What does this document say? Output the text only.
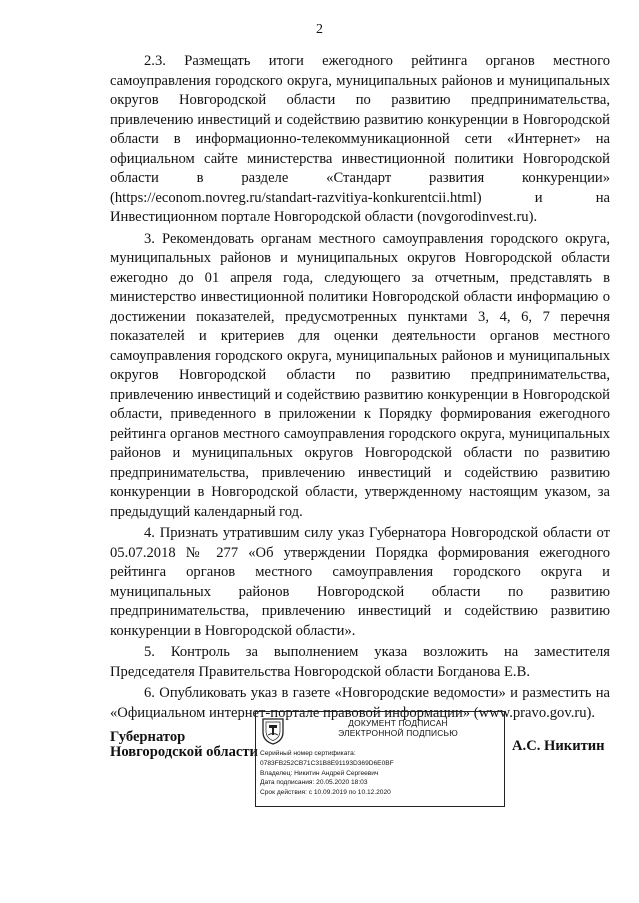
2

2.3. Размещать итоги ежегодного рейтинга органов местного самоуправления городского округа, муниципальных районов и муниципальных округов Новгородской области по развитию предпринимательства, привлечению инвестиций и содействию развитию конкуренции в Новгородской области в информационно-телекоммуникационной сети «Интернет» на официальном сайте министерства инвестиционной политики Новгородской области в разделе «Стандарт развития конкуренции» (https://econom.novreg.ru/standart-razvitiya-konkurentcii.html) и на Инвестиционном портале Новгородской области (novgorodinvest.ru).

3. Рекомендовать органам местного самоуправления городского округа, муниципальных районов и муниципальных округов Новгородской области ежегодно до 01 апреля года, следующего за отчетным, представлять в министерство инвестиционной политики Новгородской области информацию о достижении показателей, предусмотренных пунктами 3, 4, 6, 7 перечня показателей и критериев для оценки деятельности органов местного самоуправления городского округа, муниципальных районов и муниципальных округов Новгородской области по развитию предпринимательства, привлечению инвестиций и содействию развитию конкуренции в Новгородской области, приведенного в приложении к Порядку формирования ежегодного рейтинга органов местного самоуправления городского округа, муниципальных районов и муниципальных округов Новгородской области по развитию предпринимательства, привлечению инвестиций и содействию развитию конкуренции в Новгородской области, утвержденному настоящим указом, за предыдущий календарный год.

4. Признать утратившим силу указ Губернатора Новгородской области от 05.07.2018 № 277 «Об утверждении Порядка формирования ежегодного рейтинга органов местного самоуправления городского округа и муниципальных районов Новгородской области по развитию предпринимательства, привлечению инвестиций и содействию развитию конкуренции в Новгородской области».

5. Контроль за выполнением указа возложить на заместителя Председателя Правительства Новгородской области Богданова Е.В.

6. Опубликовать указ в газете «Новгородские ведомости» и разместить на «Официальном интернет-портале правовой информации» (www.pravo.gov.ru).

Губернатор
Новгородской области
ДОКУМЕНТ ПОДПИСАН
ЭЛЕКТРОННОЙ ПОДПИСЬЮ
Серийный номер сертификата:
0783FB252CB71C31B8E91193D369D6E0BF
Владелец: Никитин Андрей Сергеевич
Дата подписания: 20.05.2020 18:03
Срок действия: с 10.09.2019 по 10.12.2020
А.С. Никитин
